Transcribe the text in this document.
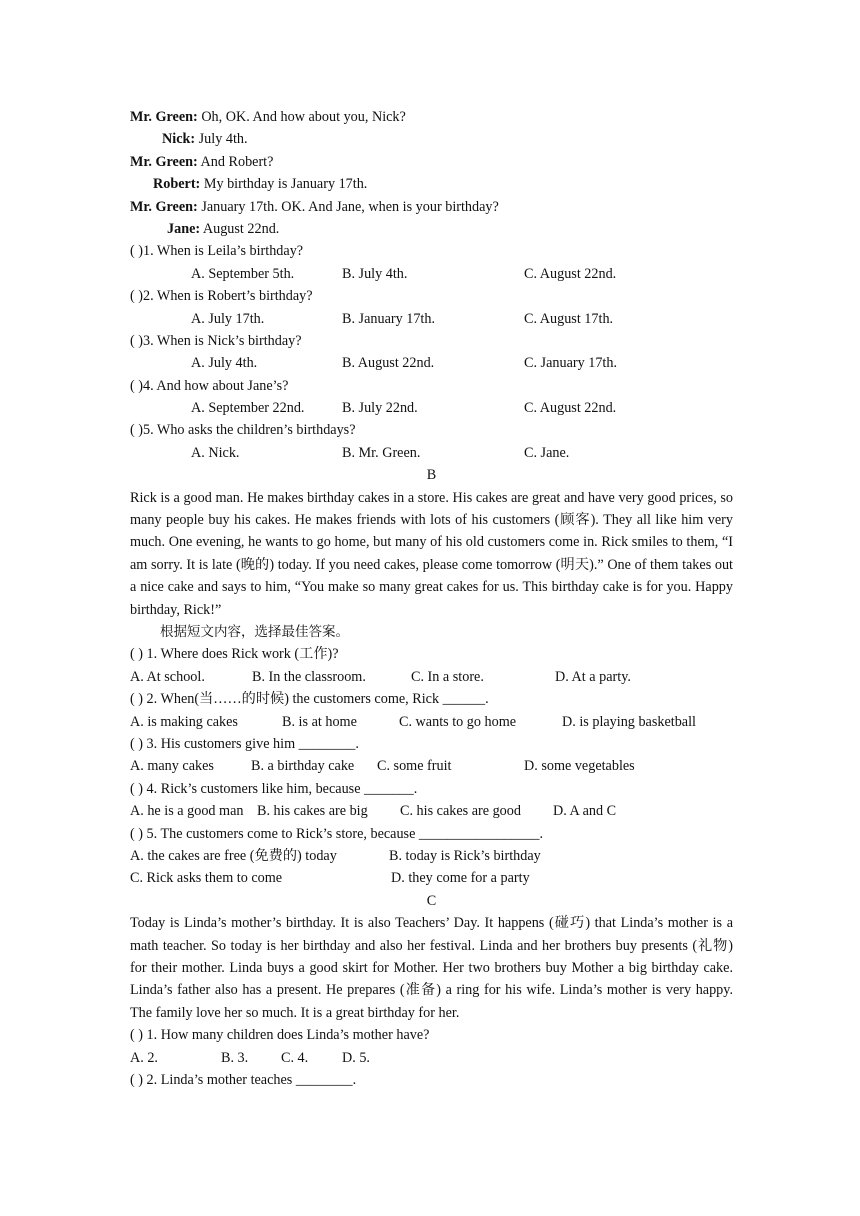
Mr. Green: Oh, OK. And how about you, Nick?
Nick: July 4th.
Mr. Green: And Robert?
Robert: My birthday is January 17th.
Mr. Green: January 17th. OK. And Jane, when is your birthday?
Jane: August 22nd.
( )1. When is Leila’s birthday?
A. September 5th.	B. July 4th.	C. August 22nd.
( )2. When is Robert’s birthday?
A. July 17th.	B. January 17th.	C. August 17th.
( )3. When is Nick’s birthday?
A. July 4th.	B. August 22nd.	C. January 17th.
( )4. And how about Jane’s?
A. September 22nd.	B. July 22nd.	C. August 22nd.
( )5. Who asks the children’s birthdays?
A. Nick.	B. Mr. Green.	C. Jane.
B
Rick is a good man. He makes birthday cakes in a store. His cakes are great and have very good prices, so many people buy his cakes. He makes friends with lots of his customers (顾客). They all like him very much. One evening, he wants to go home, but many of his old customers come in. Rick smiles to them, “I am sorry. It is late (晚的) today. If you need cakes, please come tomorrow (明天).” One of them takes out a nice cake and says to him, “You make so many great cakes for us. This birthday cake is for you. Happy birthday, Rick!”
根据短文内容，选择最佳答案。
( ) 1. Where does Rick work (工作)?
A. At school.	B. In the classroom.	C. In a store.	D. At a party.
( ) 2. When(当……的时候) the customers come, Rick ______.
A. is making cakes	B. is at home	C. wants to go home	D. is playing basketball
( ) 3. His customers give him ________.
A. many cakes	B. a birthday cake C. some fruit	D. some vegetables
( ) 4. Rick’s customers like him, because _______.
A. he is a good man B. his cakes are big C. his cakes are good D. A and C
( ) 5. The customers come to Rick’s store, because _________________.
A. the cakes are free (免费的) today	B. today is Rick’s birthday
C. Rick asks them to come	D. they come for a party
C
Today is Linda’s mother’s birthday. It is also Teachers’ Day. It happens (碰巧) that Linda’s mother is a math teacher. So today is her birthday and also her festival. Linda and her brothers buy presents (礼物) for their mother. Linda buys a good skirt for Mother. Her two brothers buy Mother a big birthday cake. Linda’s father also has a present. He prepares (准备) a ring for his wife. Linda’s mother is very happy. The family love her so much. It is a great birthday for her.
( ) 1. How many children does Linda’s mother have?
A. 2.	B. 3. C. 4. D. 5.
( ) 2. Linda’s mother teaches ________.
